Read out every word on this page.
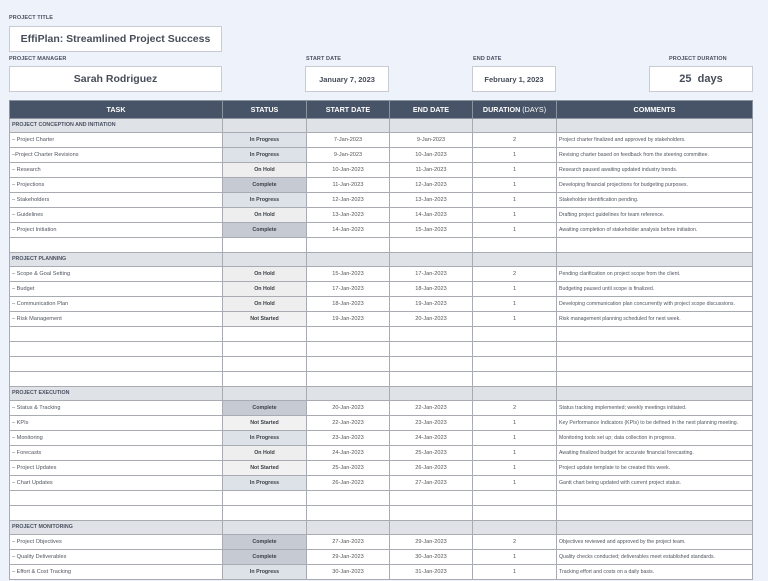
PROJECT TITLE
EffiPlan: Streamlined Project Success
PROJECT MANAGER
Sarah Rodriguez
START DATE
January 7, 2023
END DATE
February 1, 2023
PROJECT DURATION
25  days
TASK	STATUS	START DATE	END DATE	DURATION (DAYS)	COMMENTS
PROJECT CONCEPTION AND INITIATION					
– Project Charter	In Progress	7-Jan-2023	9-Jan-2023	2	Project charter finalized and approved by stakeholders.
–Project Charter Revisions	In Progress	9-Jan-2023	10-Jan-2023	1	Revising charter based on feedback from the steering committee.
– Research	On Hold	10-Jan-2023	11-Jan-2023	1	Research paused awaiting updated industry trends.
– Projections	Complete	11-Jan-2023	12-Jan-2023	1	Developing financial projections for budgeting purposes.
– Stakeholders	In Progress	12-Jan-2023	13-Jan-2023	1	Stakeholder identification pending.
– Guidelines	On Hold	13-Jan-2023	14-Jan-2023	1	Drafting project guidelines for team reference.
– Project Initiation	Complete	14-Jan-2023	15-Jan-2023	1	Awaiting completion of stakeholder analysis before initiation.

PROJECT PLANNING					
– Scope & Goal Setting	On Hold	15-Jan-2023	17-Jan-2023	2	Pending clarification on project scope from the client.
– Budget	On Hold	17-Jan-2023	18-Jan-2023	1	Budgeting paused until scope is finalized.
– Communication Plan	On Hold	18-Jan-2023	19-Jan-2023	1	Developing communication plan concurrently with project scope discussions.
– Risk Management	Not Started	19-Jan-2023	20-Jan-2023	1	Risk management planning scheduled for next week.

PROJECT EXECUTION					
– Status & Tracking	Complete	20-Jan-2023	22-Jan-2023	2	Status tracking implemented; weekly meetings initiated.
– KPIs	Not Started	22-Jan-2023	23-Jan-2023	1	Key Performance Indicators (KPIs) to be defined in the next planning meeting.
– Monitoring	In Progress	23-Jan-2023	24-Jan-2023	1	Monitoring tools set up; data collection in progress.
– Forecasts	On Hold	24-Jan-2023	25-Jan-2023	1	Awaiting finalized budget for accurate financial forecasting.
– Project Updates	Not Started	25-Jan-2023	26-Jan-2023	1	Project update template to be created this week.
– Chart Updates	In Progress	26-Jan-2023	27-Jan-2023	1	Gantt chart being updated with current project status.

PROJECT MONITORING					
– Project Objectives	Complete	27-Jan-2023	29-Jan-2023	2	Objectives reviewed and approved by the project team.
– Quality Deliverables	Complete	29-Jan-2023	30-Jan-2023	1	Quality checks conducted; deliverables meet established standards.
– Effort & Cost Tracking	In Progress	30-Jan-2023	31-Jan-2023	1	Tracking effort and costs on a daily basis.
